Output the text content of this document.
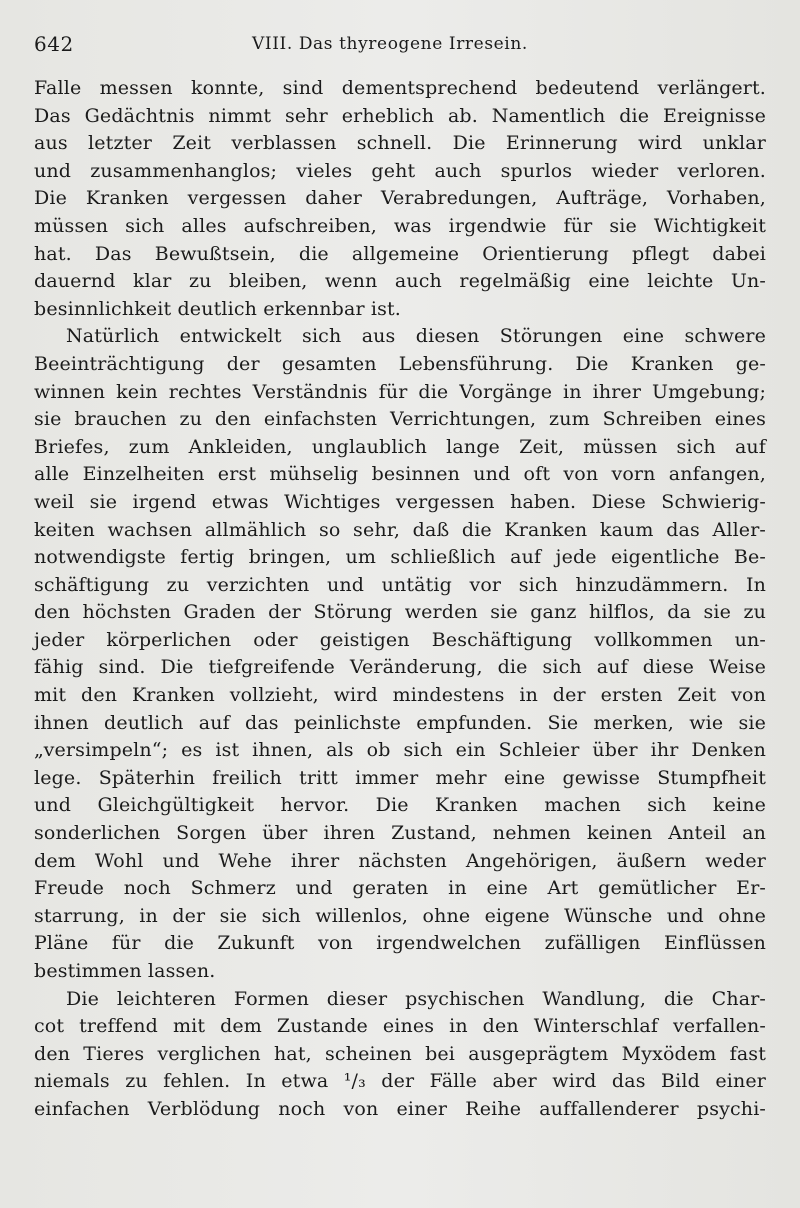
642	VIII. Das thyreogene Irresein.
Falle messen konnte, sind dementsprechend bedeutend verlängert.
Das Gedächtnis nimmt sehr erheblich ab. Namentlich die Ereignisse
aus letzter Zeit verblassen schnell. Die Erinnerung wird unklar
und zusammenhanglos; vieles geht auch spurlos wieder verloren.
Die Kranken vergessen daher Verabredungen, Aufträge, Vorhaben,
müssen sich alles aufschreiben, was irgendwie für sie Wichtigkeit
hat. Das Bewußtsein, die allgemeine Orientierung pflegt dabei
dauernd klar zu bleiben, wenn auch regelmäßig eine leichte Un-
besinnlichkeit deutlich erkennbar ist.
Natürlich entwickelt sich aus diesen Störungen eine schwere
Beeinträchtigung der gesamten Lebensführung. Die Kranken ge-
winnen kein rechtes Verständnis für die Vorgänge in ihrer Umgebung;
sie brauchen zu den einfachsten Verrichtungen, zum Schreiben eines
Briefes, zum Ankleiden, unglaublich lange Zeit, müssen sich auf
alle Einzelheiten erst mühselig besinnen und oft von vorn anfangen,
weil sie irgend etwas Wichtiges vergessen haben. Diese Schwierig-
keiten wachsen allmählich so sehr, daß die Kranken kaum das Aller-
notwendigste fertig bringen, um schließlich auf jede eigentliche Be-
schäftigung zu verzichten und untätig vor sich hinzudämmern. In
den höchsten Graden der Störung werden sie ganz hilflos, da sie zu
jeder körperlichen oder geistigen Beschäftigung vollkommen un-
fähig sind. Die tiefgreifende Veränderung, die sich auf diese Weise
mit den Kranken vollzieht, wird mindestens in der ersten Zeit von
ihnen deutlich auf das peinlichste empfunden. Sie merken, wie sie
„versimpeln“; es ist ihnen, als ob sich ein Schleier über ihr Denken
lege. Späterhin freilich tritt immer mehr eine gewisse Stumpfheit
und Gleichgültigkeit hervor. Die Kranken machen sich keine
sonderlichen Sorgen über ihren Zustand, nehmen keinen Anteil an
dem Wohl und Wehe ihrer nächsten Angehörigen, äußern weder
Freude noch Schmerz und geraten in eine Art gemütlicher Er-
starrung, in der sie sich willenlos, ohne eigene Wünsche und ohne
Pläne für die Zukunft von irgendwelchen zufälligen Einflüssen
bestimmen lassen.
Die leichteren Formen dieser psychischen Wandlung, die Char-
cot treffend mit dem Zustande eines in den Winterschlaf verfallen-
den Tieres verglichen hat, scheinen bei ausgeprägtem Myxödem fast
niemals zu fehlen. In etwa ¹/₃ der Fälle aber wird das Bild einer
einfachen Verblödung noch von einer Reihe auffallenderer psychi-
